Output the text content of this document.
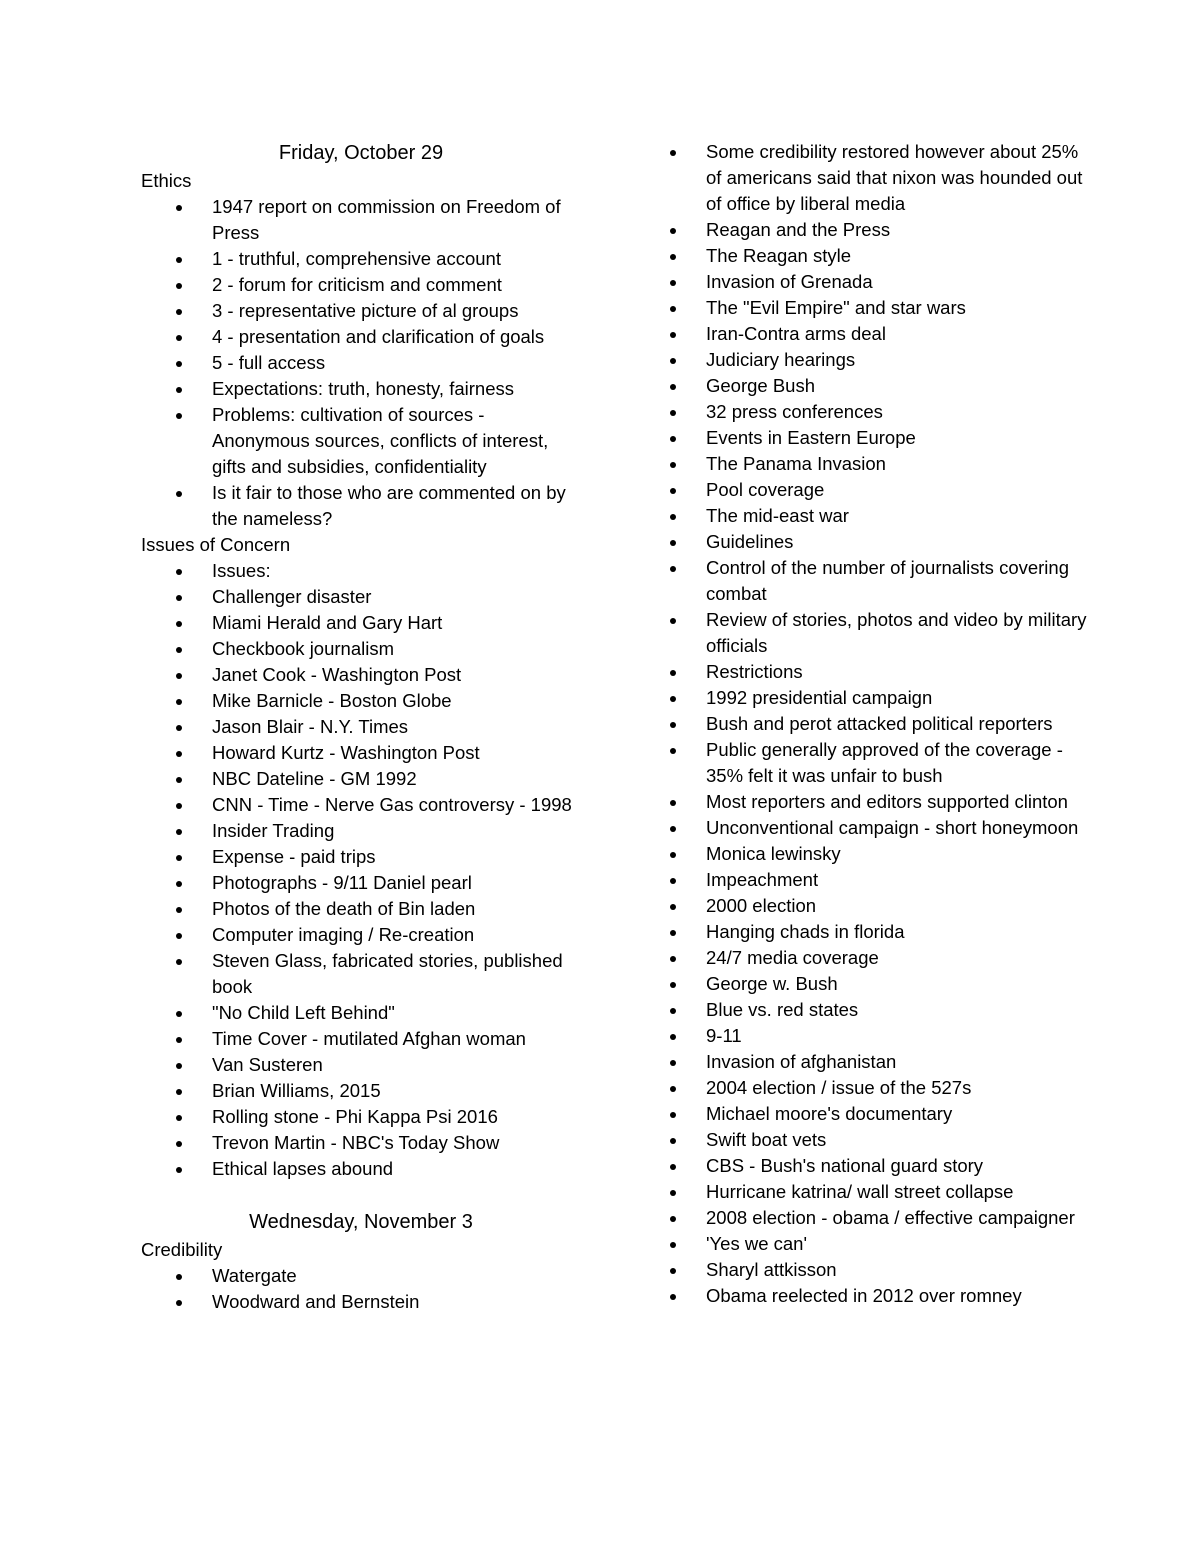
Friday, October 29

Ethics

1947 report on commission on Freedom of Press
1 - truthful, comprehensive account
2 - forum for criticism and comment
3 - representative picture of al groups
4 - presentation and clarification of goals
5 - full access
Expectations: truth, honesty, fairness
Problems: cultivation of sources - Anonymous sources, conflicts of interest, gifts and subsidies, confidentiality
Is it fair to those who are commented on by the nameless?

Issues of Concern

Issues:
Challenger disaster
Miami Herald and Gary Hart
Checkbook journalism
Janet Cook - Washington Post
Mike Barnicle - Boston Globe
Jason Blair - N.Y. Times
Howard Kurtz - Washington Post
NBC Dateline - GM 1992
CNN - Time - Nerve Gas controversy - 1998
Insider Trading
Expense - paid trips
Photographs - 9/11 Daniel pearl
Photos of the death of Bin laden
Computer imaging / Re-creation
Steven Glass, fabricated stories, published book
"No Child Left Behind"
Time Cover - mutilated Afghan woman
Van Susteren
Brian Williams, 2015
Rolling stone - Phi Kappa Psi 2016
Trevon Martin - NBC's Today Show
Ethical lapses abound
Wednesday, November 3

Credibility

Watergate
Woodward and Bernstein
Some credibility restored however about 25% of americans said that nixon was hounded out of office by liberal media
Reagan and the Press
The Reagan style
Invasion of Grenada
The "Evil Empire" and star wars
Iran-Contra arms deal
Judiciary hearings
George Bush
32 press conferences
Events in Eastern Europe
The Panama Invasion
Pool coverage
The mid-east war
Guidelines
Control of the number of journalists covering combat
Review of stories, photos and video by military officials
Restrictions
1992 presidential campaign
Bush and perot attacked political reporters
Public generally approved of the coverage - 35% felt it was unfair to bush
Most reporters and editors supported clinton
Unconventional campaign - short honeymoon
Monica lewinsky
Impeachment
2000 election
Hanging chads in florida
24/7 media coverage
George w. Bush
Blue vs. red states
9-11
Invasion of afghanistan
2004 election / issue of the 527s
Michael moore's documentary
Swift boat vets
CBS - Bush's national guard story
Hurricane katrina/ wall street collapse
2008 election - obama / effective campaigner
'Yes we can'
Sharyl attkisson
Obama reelected in 2012 over romney
